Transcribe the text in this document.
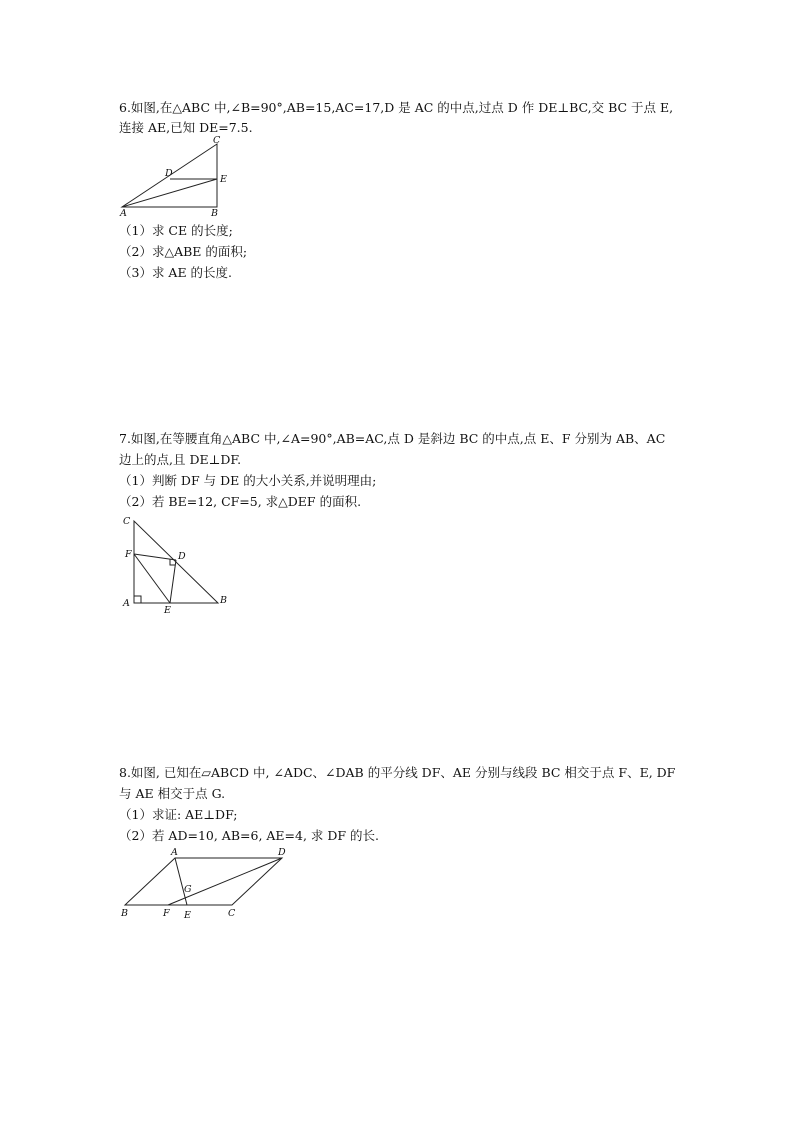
6.如图,在△ABC 中,∠B=90°,AB=15,AC=17,D 是 AC 的中点,过点 D 作 DE⊥BC,交 BC 于点 E,
连接 AE,已知 DE=7.5.
C
D
E
A	B
（1）求 CE 的长度;
（2）求△ABE 的面积;
（3）求 AE 的长度.
7.如图,在等腰直角△ABC 中,∠A=90°,AB=AC,点 D 是斜边 BC 的中点,点 E、F 分别为 AB、AC
边上的点,且 DE⊥DF.
（1）判断 DF 与 DE 的大小关系,并说明理由;
（2）若 BE=12, CF=5, 求△DEF 的面积.
C
F	D
A
E
B
8.如图, 已知在▱ABCD 中, ∠ADC、∠DAB 的平分线 DF、AE 分别与线段 BC 相交于点 F、E, DF
与 AE 相交于点 G.
（1）求证: AE⊥DF;
（2）若 AD=10, AB=6, AE=4, 求 DF 的长.
A	D
G
B	F E	C
